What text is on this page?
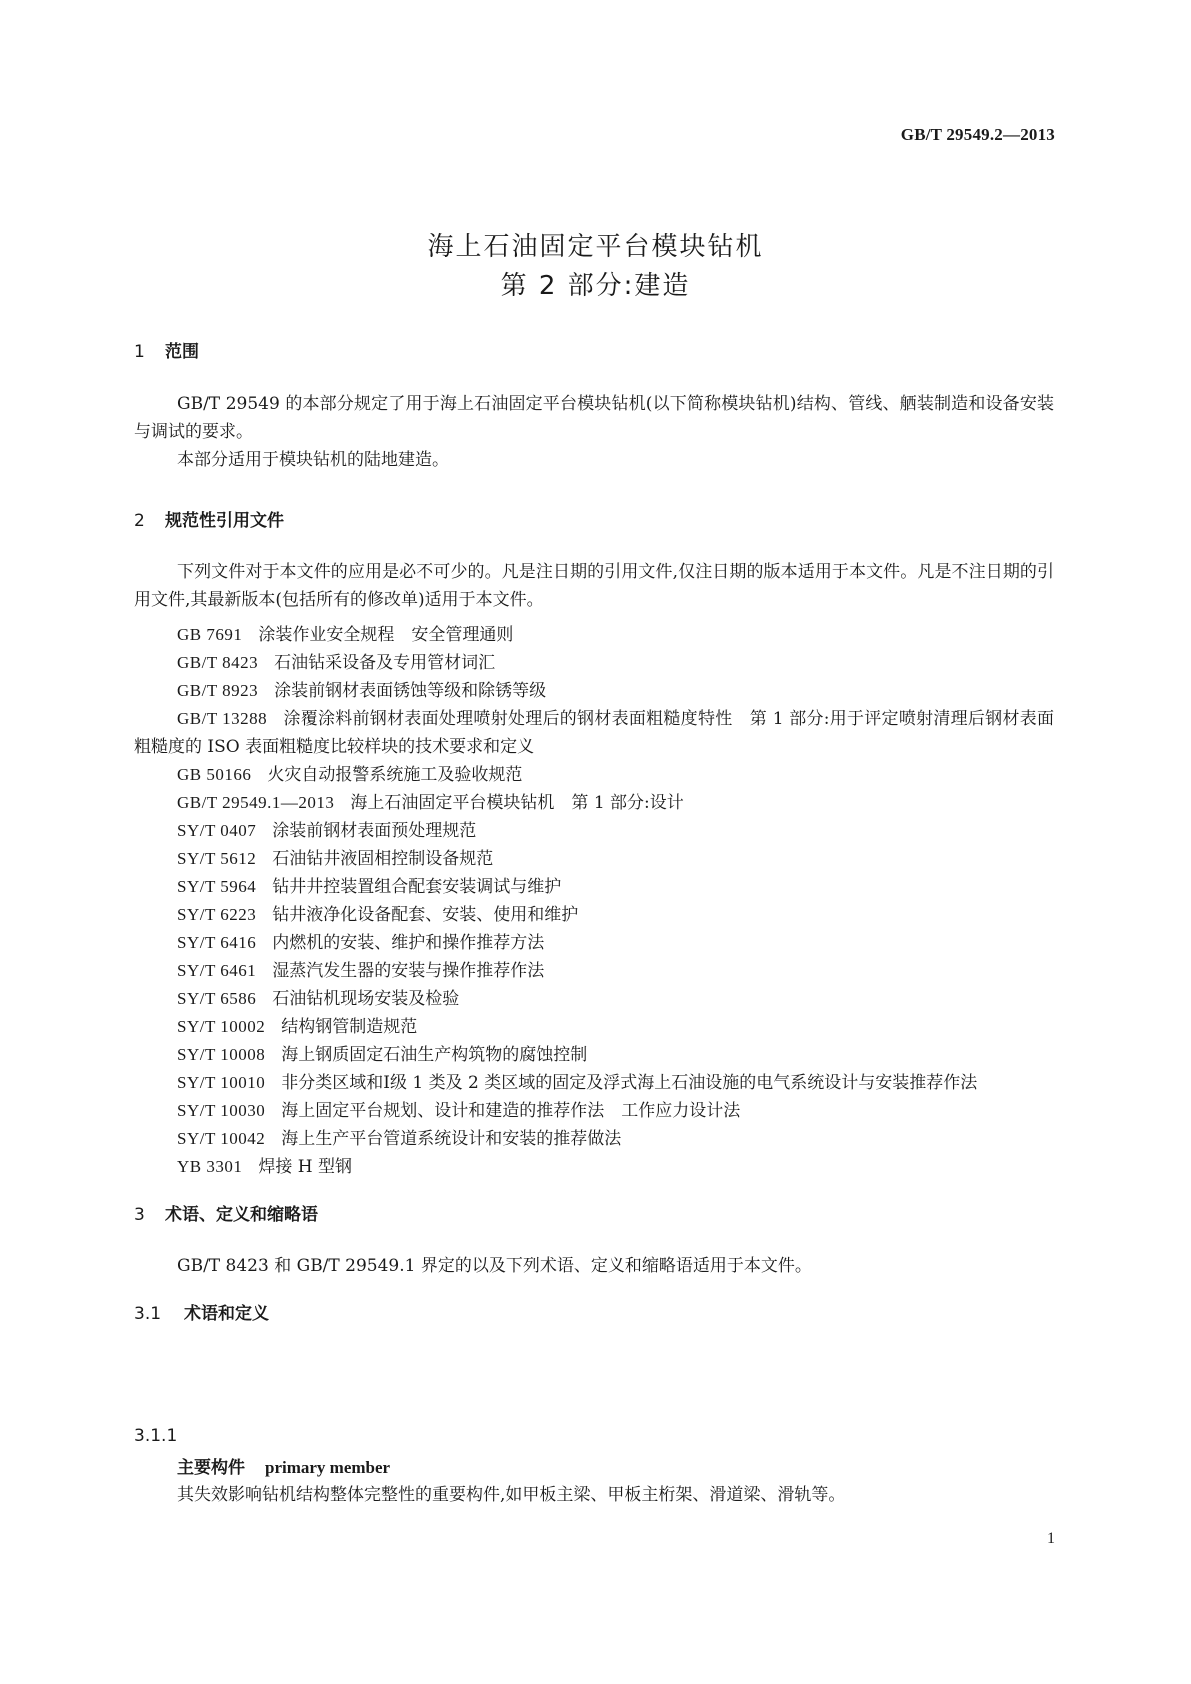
GB/T 29549.2—2013
海上石油固定平台模块钻机
第 2 部分:建造
1 范围
GB/T 29549 的本部分规定了用于海上石油固定平台模块钻机(以下简称模块钻机)结构、管线、舾装制造和设备安装与调试的要求。
本部分适用于模块钻机的陆地建造。
2 规范性引用文件
下列文件对于本文件的应用是必不可少的。凡是注日期的引用文件,仅注日期的版本适用于本文件。凡是不注日期的引用文件,其最新版本(包括所有的修改单)适用于本文件。
GB 7691 涂装作业安全规程　安全管理通则
GB/T 8423 石油钻采设备及专用管材词汇
GB/T 8923 涂装前钢材表面锈蚀等级和除锈等级
GB/T 13288 涂覆涂料前钢材表面处理喷射处理后的钢材表面粗糙度特性　第 1 部分:用于评定喷射清理后钢材表面粗糙度的 ISO 表面粗糙度比较样块的技术要求和定义
GB 50166 火灾自动报警系统施工及验收规范
GB/T 29549.1—2013 海上石油固定平台模块钻机　第 1 部分:设计
SY/T 0407 涂装前钢材表面预处理规范
SY/T 5612 石油钻井液固相控制设备规范
SY/T 5964 钻井井控装置组合配套安装调试与维护
SY/T 6223 钻井液净化设备配套、安装、使用和维护
SY/T 6416 内燃机的安装、维护和操作推荐方法
SY/T 6461 湿蒸汽发生器的安装与操作推荐作法
SY/T 6586 石油钻机现场安装及检验
SY/T 10002 结构钢管制造规范
SY/T 10008 海上钢质固定石油生产构筑物的腐蚀控制
SY/T 10010 非分类区域和Ⅰ级 1 类及 2 类区域的固定及浮式海上石油设施的电气系统设计与安装推荐作法
SY/T 10030 海上固定平台规划、设计和建造的推荐作法　工作应力设计法
SY/T 10042 海上生产平台管道系统设计和安装的推荐做法
YB 3301 焊接 H 型钢
3 术语、定义和缩略语
GB/T 8423 和 GB/T 29549.1 界定的以及下列术语、定义和缩略语适用于本文件。
3.1 术语和定义
3.1.1
主要构件 primary member
其失效影响钻机结构整体完整性的重要构件,如甲板主梁、甲板主桁架、滑道梁、滑轨等。
1
